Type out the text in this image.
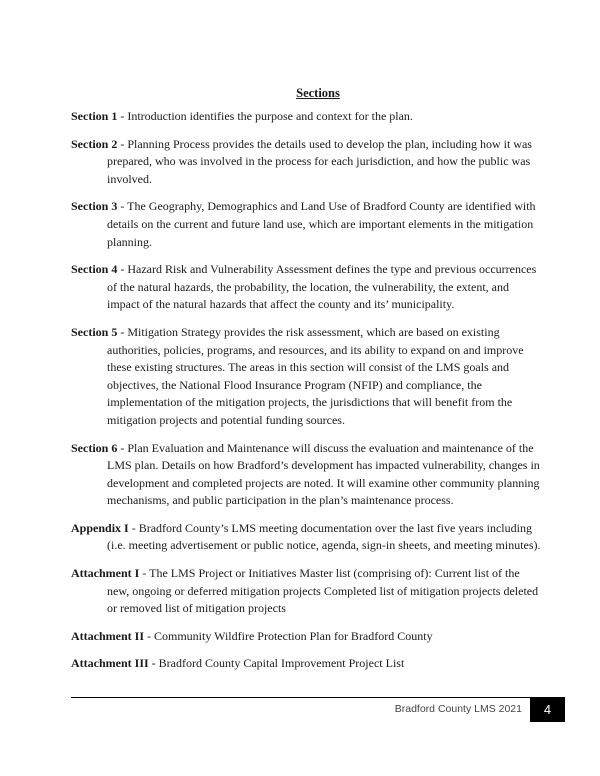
Sections

Section 1 - Introduction identifies the purpose and context for the plan.

Section 2 - Planning Process provides the details used to develop the plan, including how it was prepared, who was involved in the process for each jurisdiction, and how the public was involved.

Section 3 - The Geography, Demographics and Land Use of Bradford County are identified with details on the current and future land use, which are important elements in the mitigation planning.

Section 4 - Hazard Risk and Vulnerability Assessment defines the type and previous occurrences of the natural hazards, the probability, the location, the vulnerability, the extent, and impact of the natural hazards that affect the county and its’ municipality.

Section 5 - Mitigation Strategy provides the risk assessment, which are based on existing authorities, policies, programs, and resources, and its ability to expand on and improve these existing structures. The areas in this section will consist of the LMS goals and objectives, the National Flood Insurance Program (NFIP) and compliance, the implementation of the mitigation projects, the jurisdictions that will benefit from the mitigation projects and potential funding sources.

Section 6 - Plan Evaluation and Maintenance will discuss the evaluation and maintenance of the LMS plan. Details on how Bradford’s development has impacted vulnerability, changes in development and completed projects are noted. It will examine other community planning mechanisms, and public participation in the plan’s maintenance process.

Appendix I - Bradford County’s LMS meeting documentation over the last five years including (i.e. meeting advertisement or public notice, agenda, sign-in sheets, and meeting minutes).

Attachment I - The LMS Project or Initiatives Master list (comprising of): Current list of the new, ongoing or deferred mitigation projects Completed list of mitigation projects deleted or removed list of mitigation projects

Attachment II - Community Wildfire Protection Plan for Bradford County

Attachment III - Bradford County Capital Improvement Project List

Bradford County LMS 2021	4
